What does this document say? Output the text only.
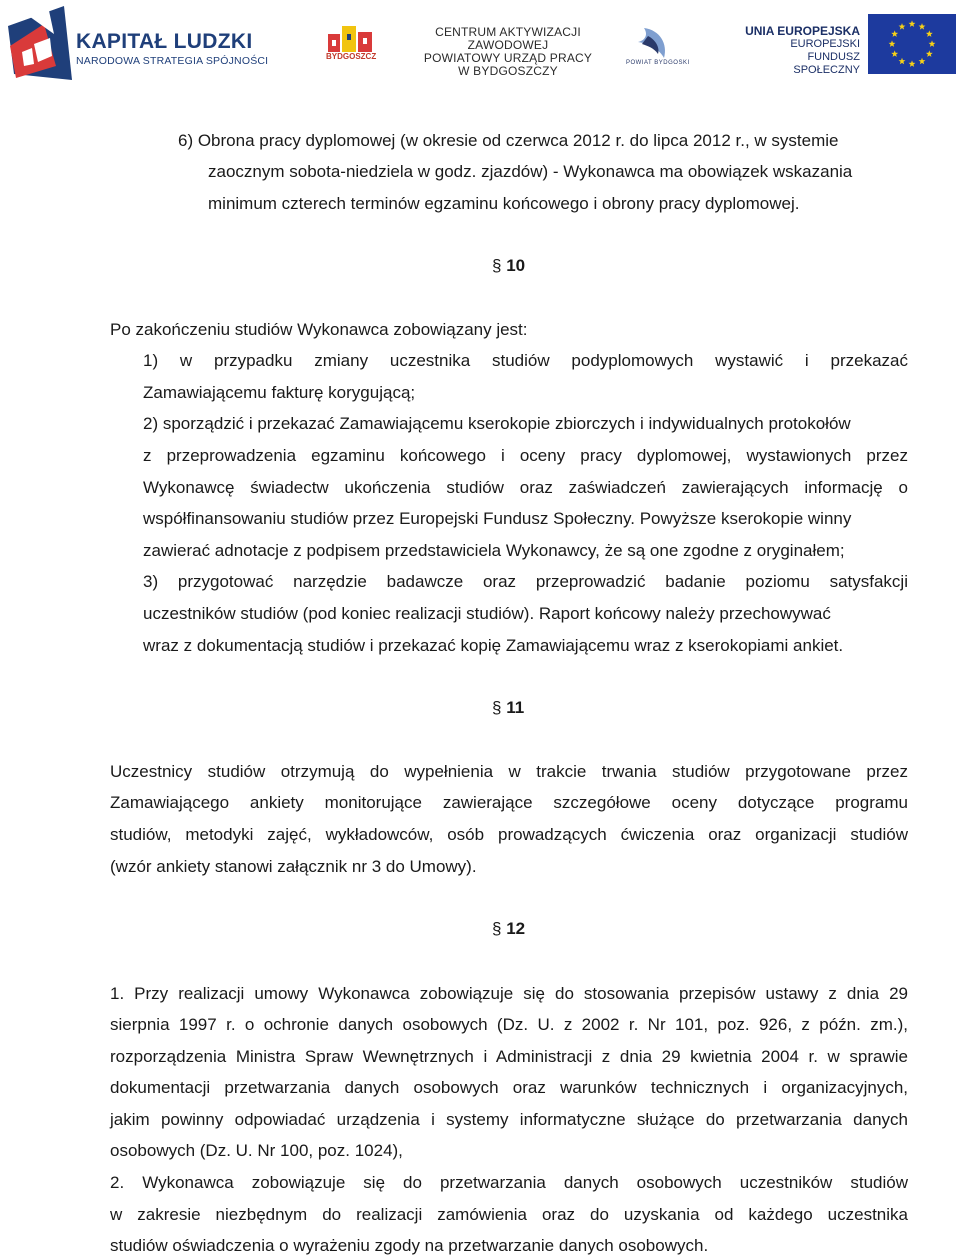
KAPITAŁ LUDZKI
NARODOWA STRATEGIA SPÓJNOŚCI	BYDGOSZCZ
CENTRUM AKTYWIZACJI ZAWODOWEJ
POWIATOWY URZĄD PRACY
W BYDGOSZCZY
POWIAT BYDGOSKI
UNIA EUROPEJSKA
EUROPEJSKI
FUNDUSZ SPOŁECZNY
6) Obrona pracy dyplomowej (w okresie od czerwca 2012 r. do lipca 2012 r., w systemie
zaocznym sobota-niedziela w godz. zjazdów) - Wykonawca ma obowiązek wskazania
minimum czterech terminów egzaminu końcowego i obrony pracy dyplomowej.
§ 10
Po zakończeniu studiów Wykonawca zobowiązany jest:
1) w przypadku zmiany uczestnika studiów podyplomowych wystawić i przekazać
Zamawiającemu fakturę korygującą;
2) sporządzić i przekazać Zamawiającemu kserokopie zbiorczych i indywidualnych protokołów
z przeprowadzenia egzaminu końcowego i oceny pracy dyplomowej, wystawionych przez
Wykonawcę świadectw ukończenia studiów oraz zaświadczeń zawierających informację o
współfinansowaniu studiów przez Europejski Fundusz Społeczny. Powyższe kserokopie winny
zawierać adnotacje z podpisem przedstawiciela Wykonawcy, że są one zgodne z oryginałem;
3) przygotować narzędzie badawcze oraz przeprowadzić badanie poziomu satysfakcji
uczestników studiów (pod koniec realizacji studiów). Raport końcowy należy przechowywać
wraz z dokumentacją studiów i przekazać kopię Zamawiającemu wraz z kserokopiami ankiet.
§ 11
Uczestnicy studiów otrzymują do wypełnienia w trakcie trwania studiów przygotowane przez
Zamawiającego ankiety monitorujące zawierające szczegółowe oceny dotyczące programu
studiów, metodyki zajęć, wykładowców, osób prowadzących ćwiczenia oraz organizacji studiów
(wzór ankiety stanowi załącznik nr 3 do Umowy).
§ 12
1. Przy realizacji umowy Wykonawca zobowiązuje się do stosowania przepisów ustawy z dnia 29
sierpnia 1997 r. o ochronie danych osobowych (Dz. U. z 2002 r. Nr 101, poz. 926, z późn. zm.),
rozporządzenia Ministra Spraw Wewnętrznych i Administracji z dnia 29 kwietnia 2004 r. w sprawie
dokumentacji przetwarzania danych osobowych oraz warunków technicznych i organizacyjnych,
jakim powinny odpowiadać urządzenia i systemy informatyczne służące do przetwarzania danych
osobowych (Dz. U. Nr 100, poz. 1024),
2. Wykonawca zobowiązuje się do przetwarzania danych osobowych uczestników studiów
w zakresie niezbędnym do realizacji zamówienia oraz do uzyskania od każdego uczestnika
studiów oświadczenia o wyrażeniu zgody na przetwarzanie danych osobowych.
